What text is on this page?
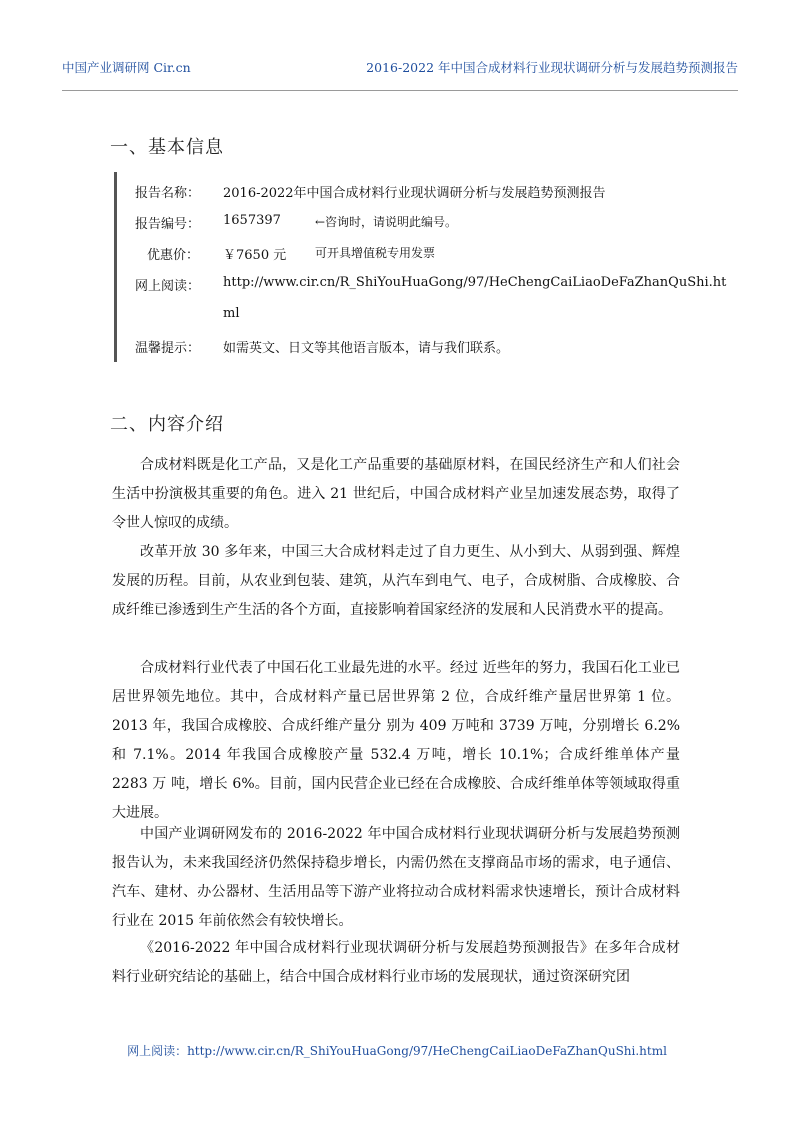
中国产业调研网 Cir.cn	2016-2022 年中国合成材料行业现状调研分析与发展趋势预测报告
一、基本信息
报告名称：	2016-2022年中国合成材料行业现状调研分析与发展趋势预测报告
报告编号：	1657397	←咨询时，请说明此编号。
优惠价：	￥7650 元 可开具增值税专用发票
网上阅读：	http://www.cir.cn/R_ShiYouHuaGong/97/HeChengCaiLiaoDeFaZhanQuShi.ht
ml
温馨提示：	如需英文、日文等其他语言版本，请与我们联系。
二、内容介绍

合成材料既是化工产品，又是化工产品重要的基础原材料，在国民经济生产和人们社会生活中扮演极其重要的角色。进入 21 世纪后，中国合成材料产业呈加速发展态势，取得了令世人惊叹的成绩。

改革开放 30 多年来，中国三大合成材料走过了自力更生、从小到大、从弱到强、辉煌发展的历程。目前，从农业到包装、建筑，从汽车到电气、电子，合成树脂、合成橡胶、合成纤维已渗透到生产生活的各个方面，直接影响着国家经济的发展和人民消费水平的提高。

合成材料行业代表了中国石化工业最先进的水平。经过 近些年的努力，我国石化工业已居世界领先地位。其中，合成材料产量已居世界第 2 位，合成纤维产量居世界第 1 位。2013 年，我国合成橡胶、合成纤维产量分 别为 409 万吨和 3739 万吨，分别增长 6.2%和 7.1%。2014 年我国合成橡胶产量 532.4 万吨，增长 10.1%；合成纤维单体产量 2283 万 吨，增长 6%。目前，国内民营企业已经在合成橡胶、合成纤维单体等领域取得重大进展。

中国产业调研网发布的 2016-2022 年中国合成材料行业现状调研分析与发展趋势预测报告认为，未来我国经济仍然保持稳步增长，内需仍然在支撑商品市场的需求，电子通信、汽车、建材、办公器材、生活用品等下游产业将拉动合成材料需求快速增长，预计合成材料行业在 2015 年前依然会有较快增长。

《2016-2022 年中国合成材料行业现状调研分析与发展趋势预测报告》在多年合成材料行业研究结论的基础上，结合中国合成材料行业市场的发展现状，通过资深研究团

网上阅读：http://www.cir.cn/R_ShiYouHuaGong/97/HeChengCaiLiaoDeFaZhanQuShi.html
